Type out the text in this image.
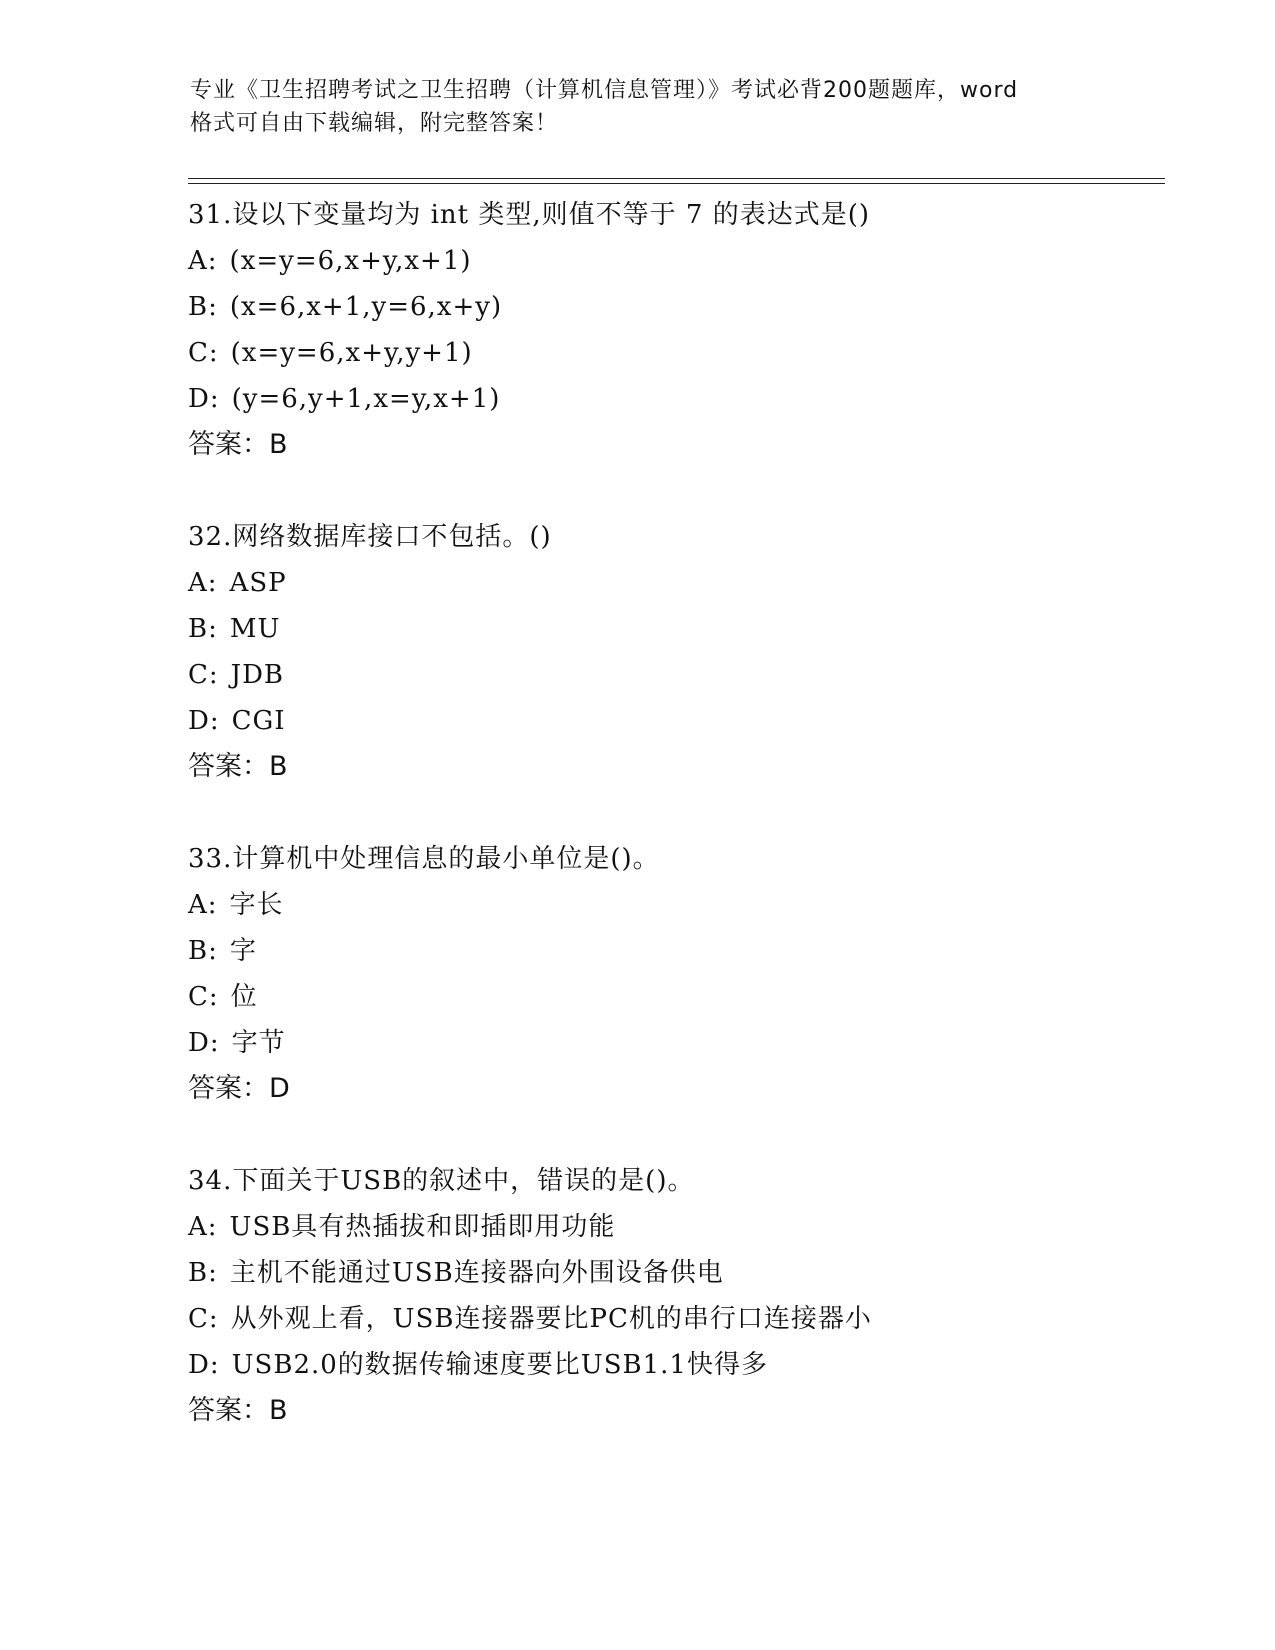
专业《卫生招聘考试之卫生招聘（计算机信息管理）》考试必背200题题库，word
格式可自由下载编辑，附完整答案！
31.设以下变量均为 int 类型,则值不等于 7 的表达式是()
A: (x=y=6,x+y,x+1)
B: (x=6,x+1,y=6,x+y)
C: (x=y=6,x+y,y+1)
D: (y=6,y+1,x=y,x+1)
答案：B
32.网络数据库接口不包括。()
A: ASP
B: MU
C: JDB
D: CGI
答案：B
33.计算机中处理信息的最小单位是()。
A: 字长
B: 字
C: 位
D: 字节
答案：D
34.下面关于USB的叙述中，错误的是()。
A: USB具有热插拔和即插即用功能
B: 主机不能通过USB连接器向外围设备供电
C: 从外观上看，USB连接器要比PC机的串行口连接器小
D: USB2.0的数据传输速度要比USB1.1快得多
答案：B
